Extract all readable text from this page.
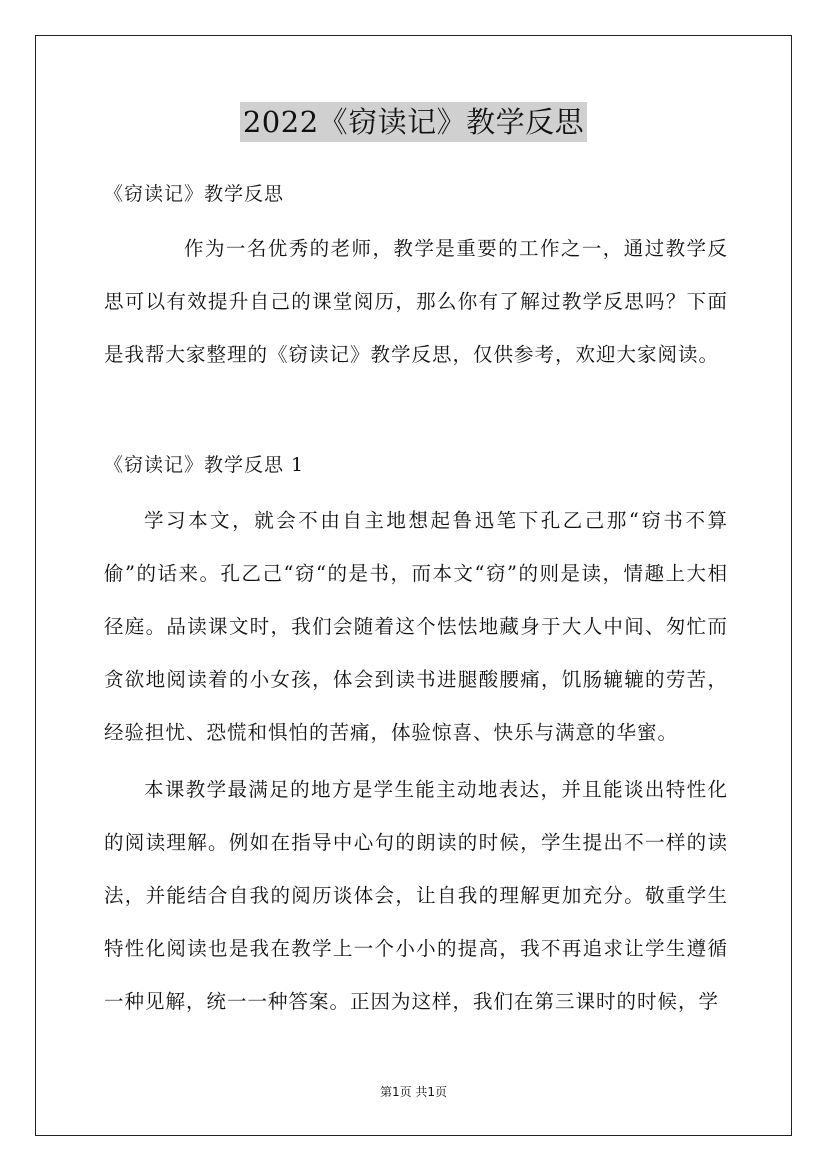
2022《窃读记》教学反思
《窃读记》教学反思

作为一名优秀的老师，教学是重要的工作之一，通过教学反思可以有效提升自己的课堂阅历，那么你有了解过教学反思吗？下面是我帮大家整理的《窃读记》教学反思，仅供参考，欢迎大家阅读。

《窃读记》教学反思 1

学习本文，就会不由自主地想起鲁迅笔下孔乙己那“窃书不算偷”的话来。孔乙己“窃“的是书，而本文“窃”的则是读，情趣上大相径庭。品读课文时，我们会随着这个怯怯地藏身于大人中间、匆忙而贪欲地阅读着的小女孩，体会到读书进腿酸腰痛，饥肠辘辘的劳苦，经验担忧、恐慌和惧怕的苦痛，体验惊喜、快乐与满意的华蜜。

本课教学最满足的地方是学生能主动地表达，并且能谈出特性化的阅读理解。例如在指导中心句的朗读的时候，学生提出不一样的读法，并能结合自我的阅历谈体会，让自我的理解更加充分。敬重学生特性化阅读也是我在教学上一个小小的提高，我不再追求让学生遵循一种见解，统一一种答案。正因为这样，我们在第三课时的时候，学

第1页 共1页
